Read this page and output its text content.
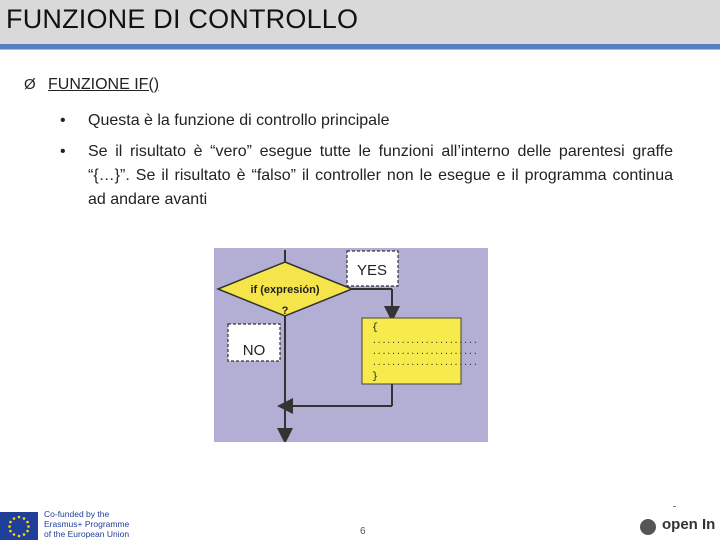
FUNZIONE DI CONTROLLO
Ø FUNZIONE IF()
• Questa è la funzione di controllo principale
• Se il risultato è “vero” esegue tutte le funzioni all’interno delle parentesi graffe “{…}”. Se il risultato è “falso” il controller non le esegue e il programma continua ad andare avanti
if (expresión)
?
YES
{
......................
......................
......................
}
NO
Co-funded by the
Erasmus+ Programme
of the European Union	6	open In
